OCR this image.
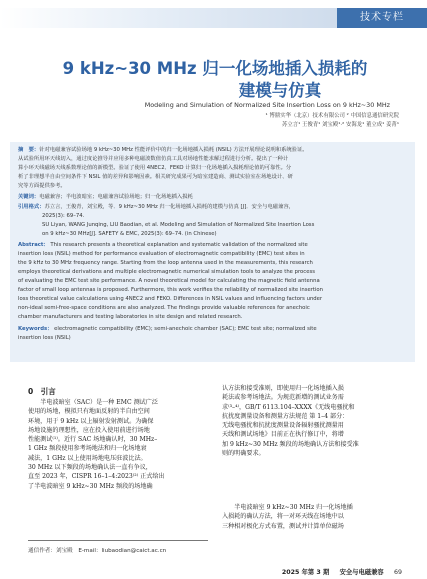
技术专栏
9 kHz~30 MHz 归一化场地插入损耗的
建模与仿真
Modeling and Simulation of Normalized Site Insertion Loss on 9 kHz~30 MHz
¹ 博鼎实华（北京）技术有限公司 ² 中国信息通信研究院
苏立言¹ 王俊青¹ 刘宝殿¹·² 安海龙¹ 董立成¹ 姜菁¹
摘　要：针对电磁兼容试验场地 9 kHz~30 MHz 性能评价中的归一化场地插入损耗 (NSIL) 方法开展理论说明和系统验证。
从试验所用环天线切入，通过度论推导并应用多种电磁波数值仿真工具对场地性能求解过程进行分析。提出了一种计
算小环天线磁场天线系数理论值的新模型。验证了使用 4NEC2、FEKO 计算归一化场地插入损耗理论值的可靠性。分
析了非理想半自由空间条件下 NSIL 值的差异和影响因素。相关研究成果可为暗室建造商、测试实验室在场地设计、研
究等方面提供参考。
关键词：电磁兼容；半电波暗室；电磁兼容试验场地；归一化场地插入损耗
引用格式：苏立言，王俊青，刘宝殿，等．9 kHz~30 MHz 归一化场地插入损耗的建模与仿真 [J]．安全与电磁兼容，
2025(3): 69–74.
SU Liyan, WANG Junqing, LIU Baodian, et al. Modeling and Simulation of Normalized Site Insertion Loss
on 9 kHz~30 MHz[J]. SAFETY & EMC, 2025(3): 69–74. (in Chinese)
Abstract： This research presents a theoretical explanation and systematic validation of the normalized site
insertion loss (NSIL) method for performance evaluation of electromagnetic compatibility (EMC) test sites in
the 9 kHz to 30 MHz frequency range. Starting from the loop antenna used in the measurements, this research
employs theoretical derivations and multiple electromagnetic numerical simulation tools to analyze the process
of evaluating the EMC test site performance. A novel theoretical model for calculating the magnetic field antenna
factor of small loop antennas is proposed. Furthermore, this work verifies the reliability of normalized site insertion
loss theoretical value calculations using 4NEC2 and FEKO. Differences in NSIL values and influencing factors under
non-ideal semi-free-space conditions are also analyzed. The findings provide valuable references for anechoic
chamber manufacturers and testing laboratories in site design and related research.
Keywords： electromagnetic compatibility (EMC); semi-anechoic chamber (SAC); EMC test site; normalized site
insertion loss (NSIL)
0　引言
　　半电波暗室（SAC）是一种 EMC 测试广泛
使用的场地，模拟只有地面反射的半自由空间
环境，用于 9 kHz 以上辐射发射测试。为确保
场地设施的理想性，应在投入使用前进行场地
性能测试⁽¹⁾。近行 SAC 场地确认时，30 MHz–
1 GHz 频段使用参考场地法和归一化场地衰
减法，1 GHz 以上使用场地电压驻波比法。
30 MHz 以下频段的场地确认法一直有争议，
直至 2023 年，CISPR 16–1–4:2023⁽²⁾ 正式给出
了半电波暗室 9 kHz~30 MHz 频段的场地确
认方法和接受准则，即使用归一化场地插入损
耗法或参考场地法。为规范新增的测试业务需
求⁽³–⁴⁾，GB/T 6113.104–XXXX《无线电骚扰和
抗扰度测量设备和测量方法规范 第 1–4 部分：
无线电骚扰和抗扰度测量设备辐射骚扰测量用
天线和测试场地》目前正在执行修订中，将增
加 9 kHz~30 MHz 频段的场地确认方法和接受准
则的明确要求。
　　半电波暗室 9 kHz~30 MHz 归一化场地插
入损耗的确认方法，将一对环天线在场地中以
三种相对极化方式布置，测试并计算单位磁场
通信作者：刘宝殿　E-mail：liubaodian@caict.ac.cn
2025 年第 3 期 　 安全与电磁兼容 　 69
